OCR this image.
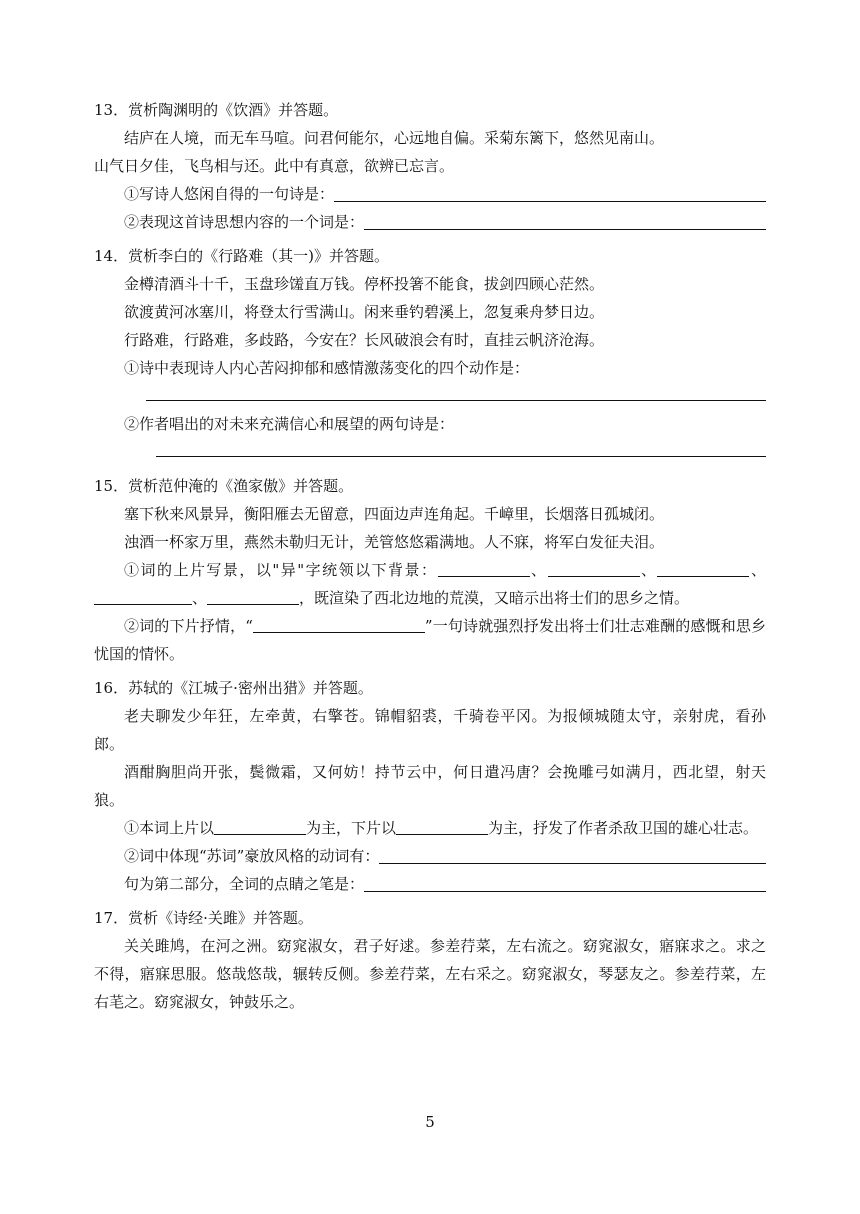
13．赏析陶渊明的《饮酒》并答题。
结庐在人境，而无车马喧。问君何能尔，心远地自偏。采菊东篱下，悠然见南山。
山气日夕佳，飞鸟相与还。此中有真意，欲辨已忘言。
①写诗人悠闲自得的一句诗是：
②表现这首诗思想内容的一个词是：
14．赏析李白的《行路难（其一)》并答题。
金樽清酒斗十千，玉盘珍馐直万钱。停杯投箸不能食，拔剑四顾心茫然。
欲渡黄河冰塞川，将登太行雪满山。闲来垂钓碧溪上，忽复乘舟梦日边。
行路难，行路难，多歧路，今安在？长风破浪会有时，直挂云帆济沧海。
①诗中表现诗人内心苦闷抑郁和感情激荡变化的四个动作是：
②作者唱出的对未来充满信心和展望的两句诗是：
15．赏析范仲淹的《渔家傲》并答题。
塞下秋来风景异，衡阳雁去无留意，四面边声连角起。千嶂里，长烟落日孤城闭。
浊酒一杯家万里，燕然未勒归无计，羌管悠悠霜满地。人不寐，将军白发征夫泪。
①词的上片写景，以"异"字统领以下背景：	、	、	、、	，既渲染了西北边地的荒漠，又暗示出将士们的思乡之情。
②词的下片抒情，“	”一句诗就强烈抒发出将士们壮志难酬的感慨和思乡忧国的情怀。
16．苏轼的《江城子·密州出猎》并答题。
老夫聊发少年狂，左牵黄，右擎苍。锦帽貂裘，千骑卷平冈。为报倾城随太守，亲射虎，看孙郎。
酒酣胸胆尚开张，鬓微霜，又何妨！持节云中，何日遣冯唐？会挽雕弓如满月，西北望，射天狼。
①本词上片以	为主，下片以	为主，抒发了作者杀敌卫国的雄心壮志。
②词中体现“苏词”豪放风格的动词有：
句为第二部分，全词的点睛之笔是：
17．赏析《诗经·关雎》并答题。
关关雎鸠，在河之洲。窈窕淑女，君子好逑。参差荇菜，左右流之。窈窕淑女，寤寐求之。求之不得，寤寐思服。悠哉悠哉，辗转反侧。参差荇菜，左右采之。窈窕淑女，琴瑟友之。参差荇菜，左右芼之。窈窕淑女，钟鼓乐之。
5
